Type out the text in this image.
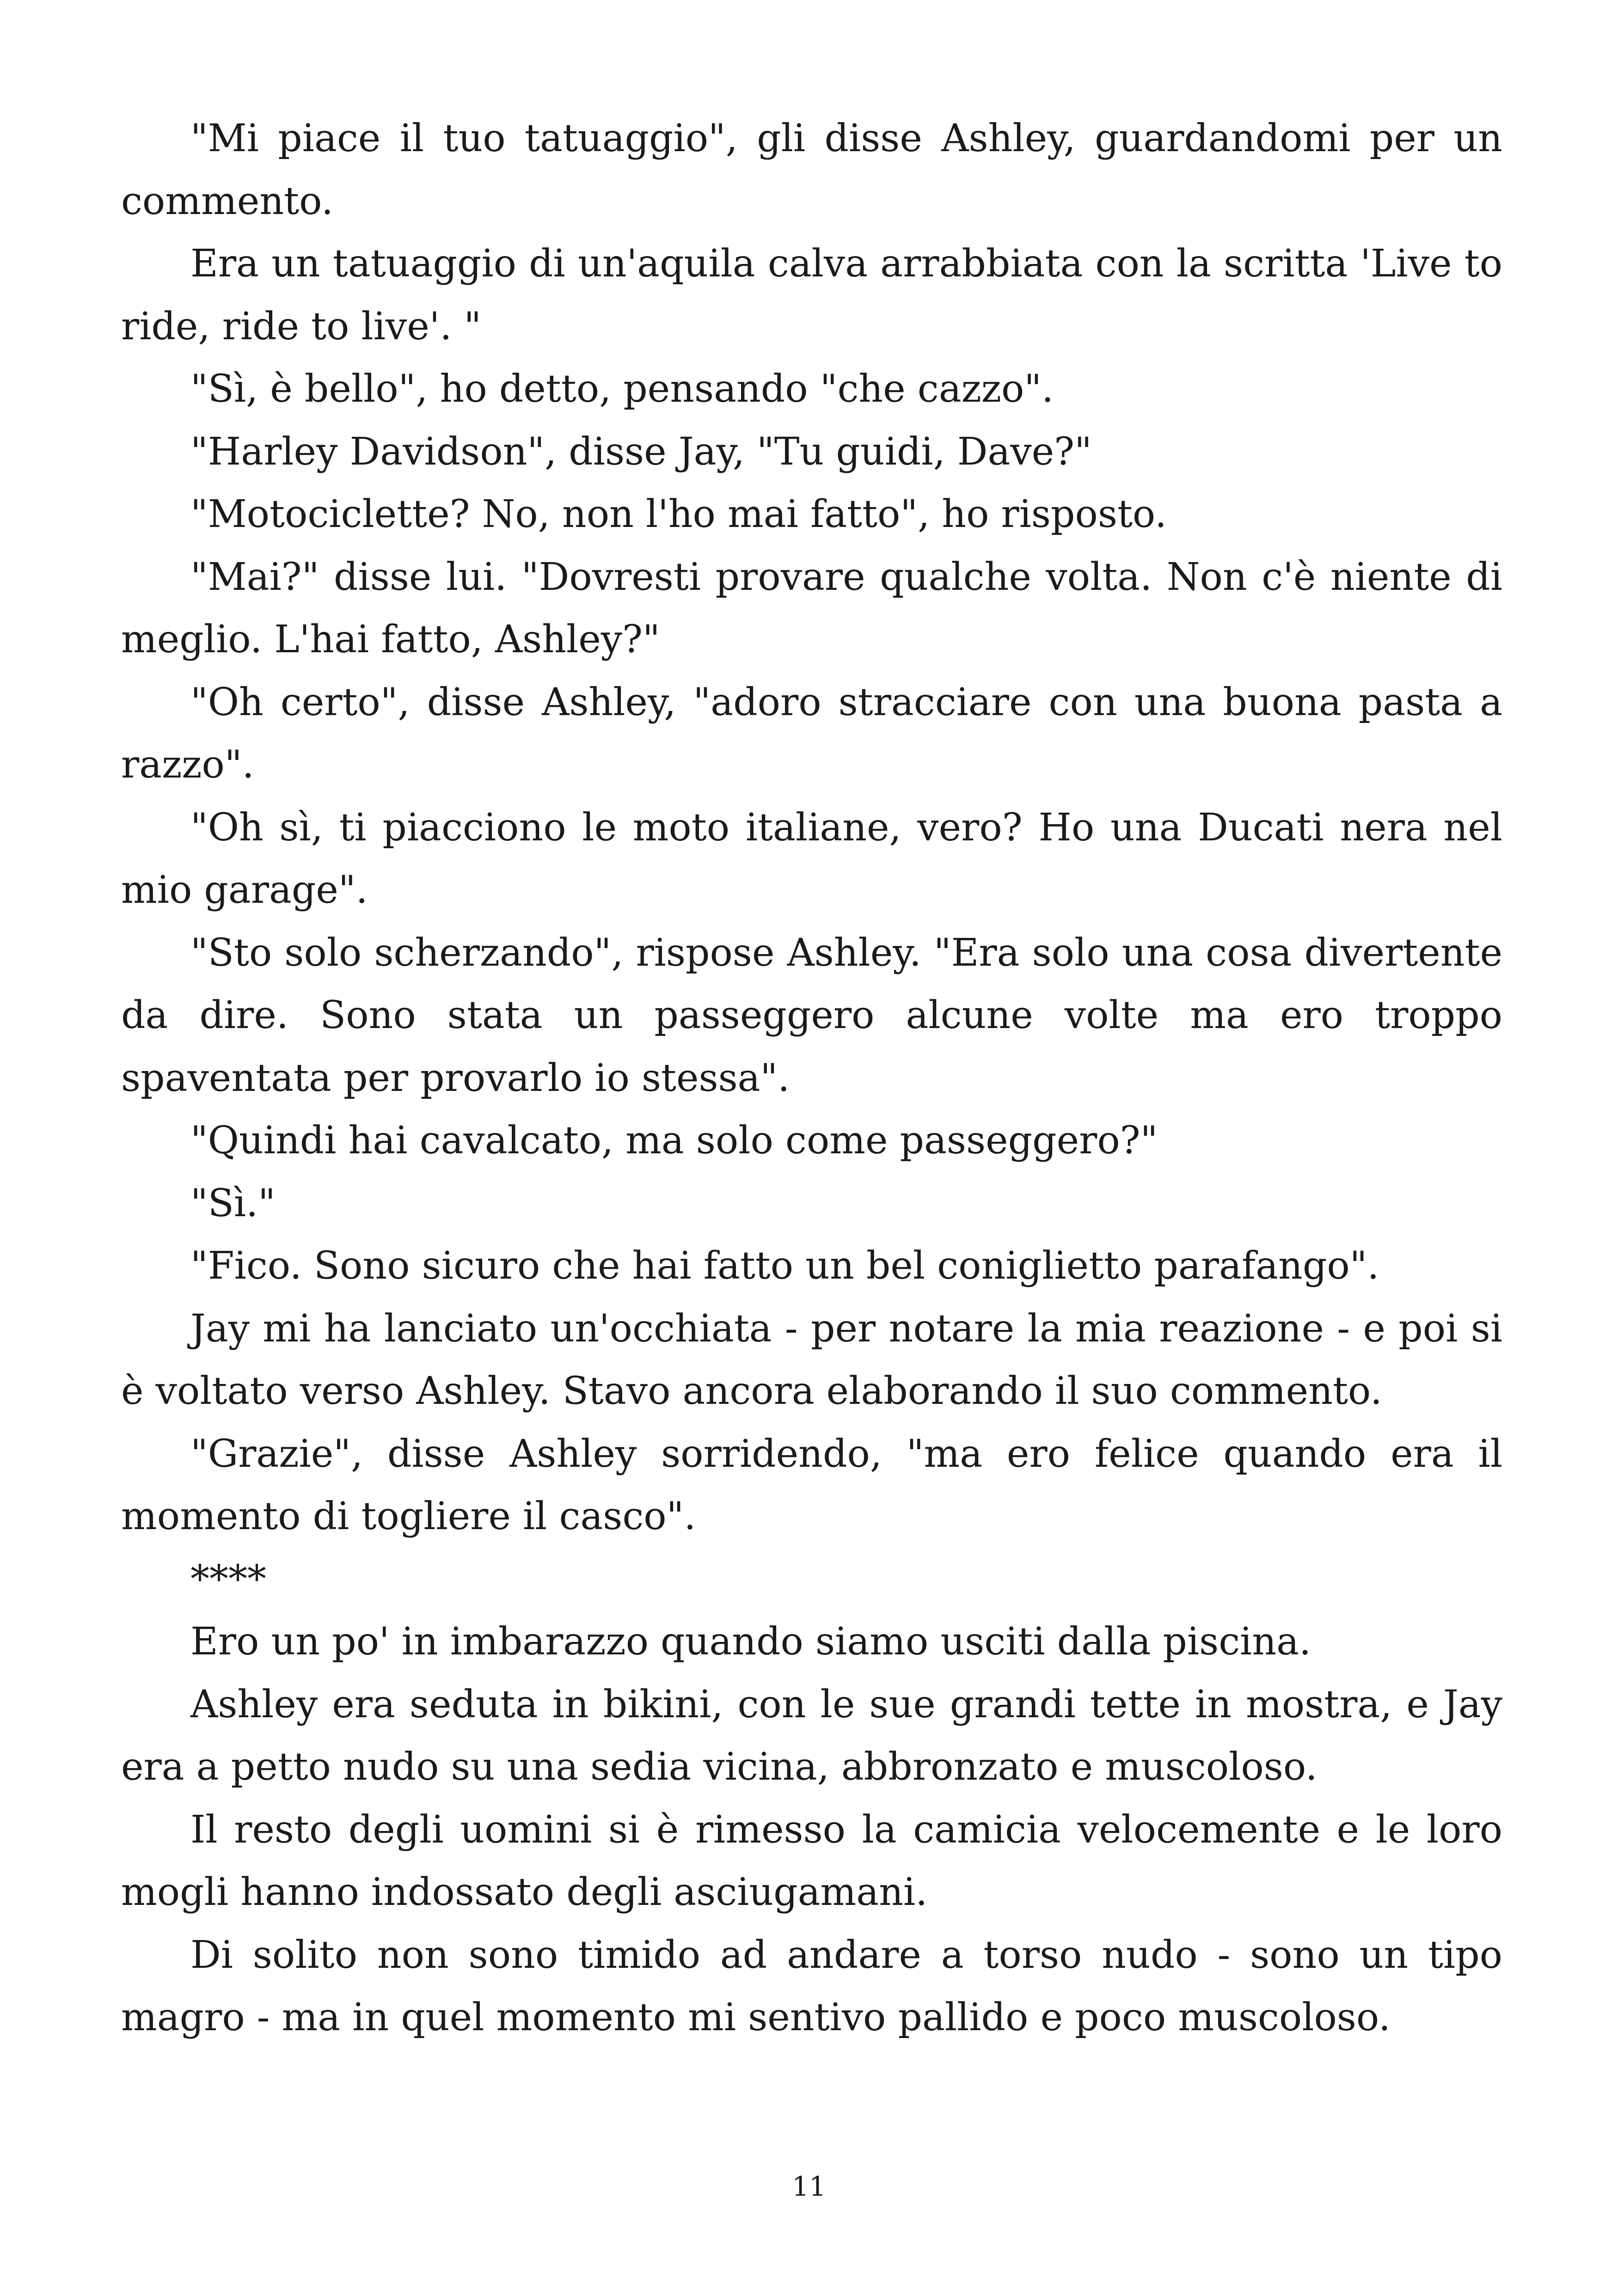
"Mi piace il tuo tatuaggio", gli disse Ashley, guardandomi per un commento.

Era un tatuaggio di un'aquila calva arrabbiata con la scritta 'Live to ride, ride to live'. "

"Sì, è bello", ho detto, pensando "che cazzo".

"Harley Davidson", disse Jay, "Tu guidi, Dave?"

"Motociclette? No, non l'ho mai fatto", ho risposto.

"Mai?" disse lui. "Dovresti provare qualche volta. Non c'è niente di meglio. L'hai fatto, Ashley?"

"Oh certo", disse Ashley, "adoro stracciare con una buona pasta a razzo".

"Oh sì, ti piacciono le moto italiane, vero? Ho una Ducati nera nel mio garage".

"Sto solo scherzando", rispose Ashley. "Era solo una cosa divertente da dire. Sono stata un passeggero alcune volte ma ero troppo spaventata per provarlo io stessa".

"Quindi hai cavalcato, ma solo come passeggero?"

"Sì."

"Fico. Sono sicuro che hai fatto un bel coniglietto parafango".

Jay mi ha lanciato un'occhiata - per notare la mia reazione - e poi si è voltato verso Ashley. Stavo ancora elaborando il suo commento.

"Grazie", disse Ashley sorridendo, "ma ero felice quando era il momento di togliere il casco".

****

Ero un po' in imbarazzo quando siamo usciti dalla piscina.

Ashley era seduta in bikini, con le sue grandi tette in mostra, e Jay era a petto nudo su una sedia vicina, abbronzato e muscoloso.

Il resto degli uomini si è rimesso la camicia velocemente e le loro mogli hanno indossato degli asciugamani.

Di solito non sono timido ad andare a torso nudo - sono un tipo magro - ma in quel momento mi sentivo pallido e poco muscoloso.

11
